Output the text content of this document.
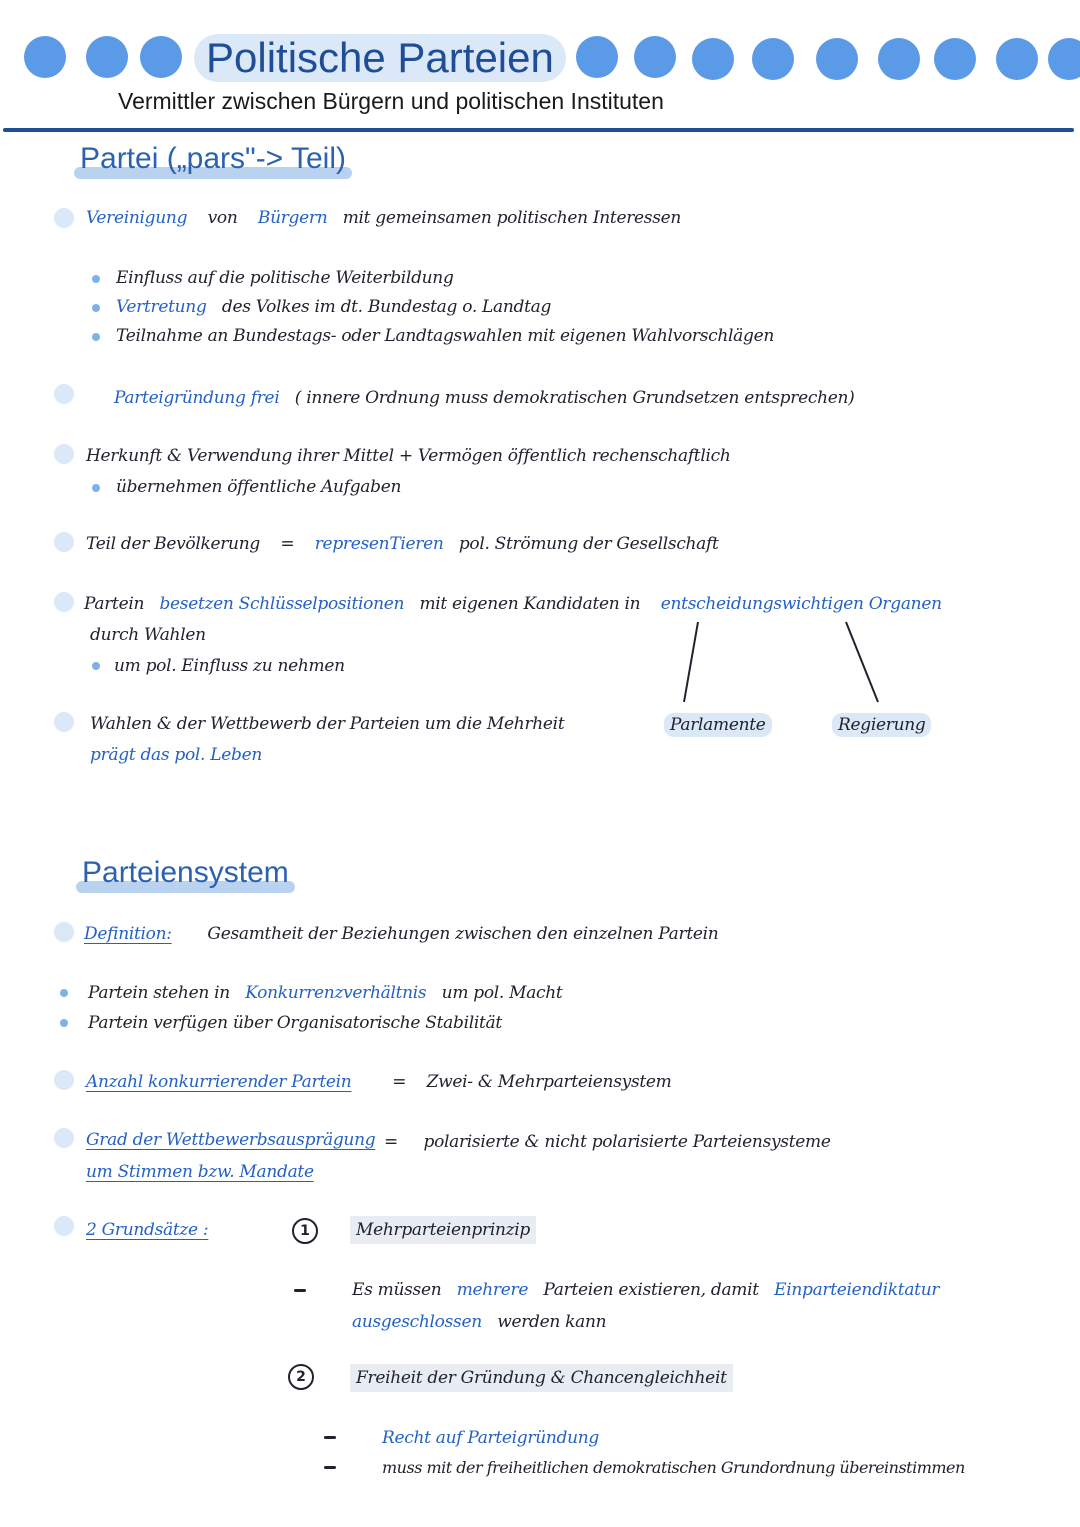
Politische Parteien
Vermittler zwischen Bürgern und politischen Instituten
Partei („pars"-> Teil)
Vereinigung von Bürgern mit gemeinsamen politischen Interessen
Einfluss auf die politische Weiterbildung
Vertretung des Volkes im dt. Bundestag o. Landtag
Teilnahme an Bundestags- oder Landtagswahlen mit eigenen Wahlvorschlägen
Parteigründung frei ( innere Ordnung muss demokratischen Grundsetzen entsprechen)
Herkunft & Verwendung ihrer Mittel + Vermögen öffentlich rechenschaftlich
übernehmen öffentliche Aufgaben
Teil der Bevölkerung = represenTieren pol. Strömung der Gesellschaft
Partein besetzen Schlüsselpositionen mit eigenen Kandidaten in entscheidungswichtigen Organen
durch Wahlen
um pol. Einfluss zu nehmen
Parlamente	Regierung
Wahlen & der Wettbewerb der Parteien um die Mehrheit
prägt das pol. Leben
Parteiensystem
Definition: Gesamtheit der Beziehungen zwischen den einzelnen Partein
Partein stehen in Konkurrenzverhältnis um pol. Macht
Partein verfügen über Organisatorische Stabilität
Anzahl konkurrierender Partein = Zwei- & Mehrparteiensystem
Grad der Wettbewerbsausprägung
um Stimmen bzw. Mandate
= polarisierte & nicht polarisierte Parteiensysteme
2 Grundsätze :	1	Mehrparteienprinzip
Es müssen mehrere Parteien existieren, damit Einparteiendiktatur
ausgeschlossen werden kann
2	Freiheit der Gründung & Chancengleichheit
Recht auf Parteigründung
muss mit der freiheitlichen demokratischen Grundordnung übereinstimmen
